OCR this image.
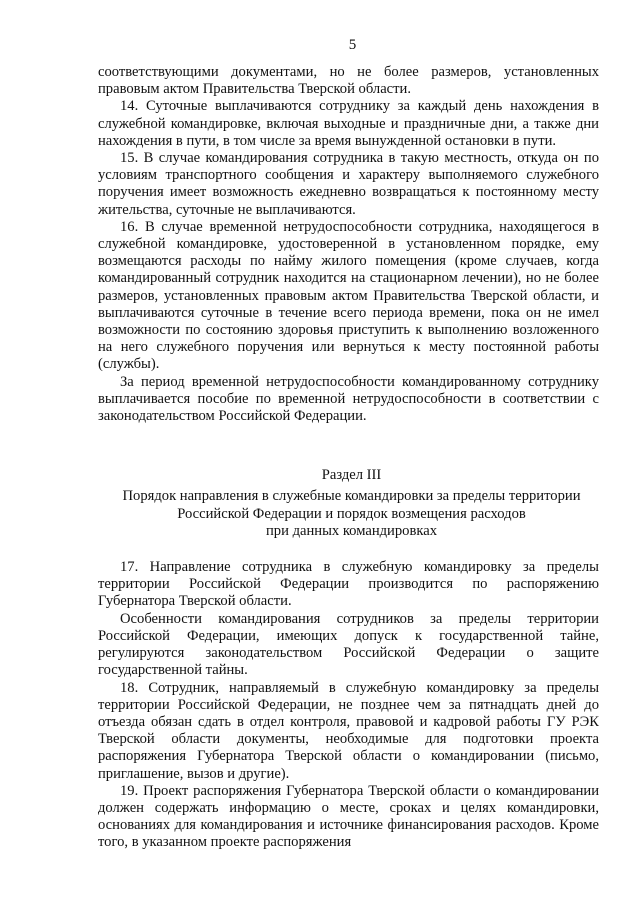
5

соответствующими документами, но не более размеров, установленных правовым актом Правительства Тверской области.

14. Суточные выплачиваются сотруднику за каждый день нахождения в служебной командировке, включая выходные и праздничные дни, а также дни нахождения в пути, в том числе за время вынужденной остановки в пути.

15. В случае командирования сотрудника в такую местность, откуда он по условиям транспортного сообщения и характеру выполняемого служебного поручения имеет возможность ежедневно возвращаться к постоянному месту жительства, суточные не выплачиваются.

16. В случае временной нетрудоспособности сотрудника, находящегося в служебной командировке, удостоверенной в установленном порядке, ему возмещаются расходы по найму жилого помещения (кроме случаев, когда командированный сотрудник находится на стационарном лечении), но не более размеров, установленных правовым актом Правительства Тверской области, и выплачиваются суточные в течение всего периода времени, пока он не имел возможности по состоянию здоровья приступить к выполнению возложенного на него служебного поручения или вернуться к месту постоянной работы (службы).

За период временной нетрудоспособности командированному сотруднику выплачивается пособие по временной нетрудоспособности в соответствии с законодательством Российской Федерации.

Раздел III
Порядок направления в служебные командировки за пределы территории
Российской Федерации и порядок возмещения расходов
при данных командировках

17. Направление сотрудника в служебную командировку за пределы территории Российской Федерации производится по распоряжению Губернатора Тверской области.

Особенности командирования сотрудников за пределы территории Российской Федерации, имеющих допуск к государственной тайне, регулируются законодательством Российской Федерации о защите государственной тайны.

18. Сотрудник, направляемый в служебную командировку за пределы территории Российской Федерации, не позднее чем за пятнадцать дней до отъезда обязан сдать в отдел контроля, правовой и кадровой работы ГУ РЭК Тверской области документы, необходимые для подготовки проекта распоряжения Губернатора Тверской области о командировании (письмо, приглашение, вызов и другие).

19. Проект распоряжения Губернатора Тверской области о командировании должен содержать информацию о месте, сроках и целях командировки, основаниях для командирования и источнике финансирования расходов. Кроме того, в указанном проекте распоряжения
